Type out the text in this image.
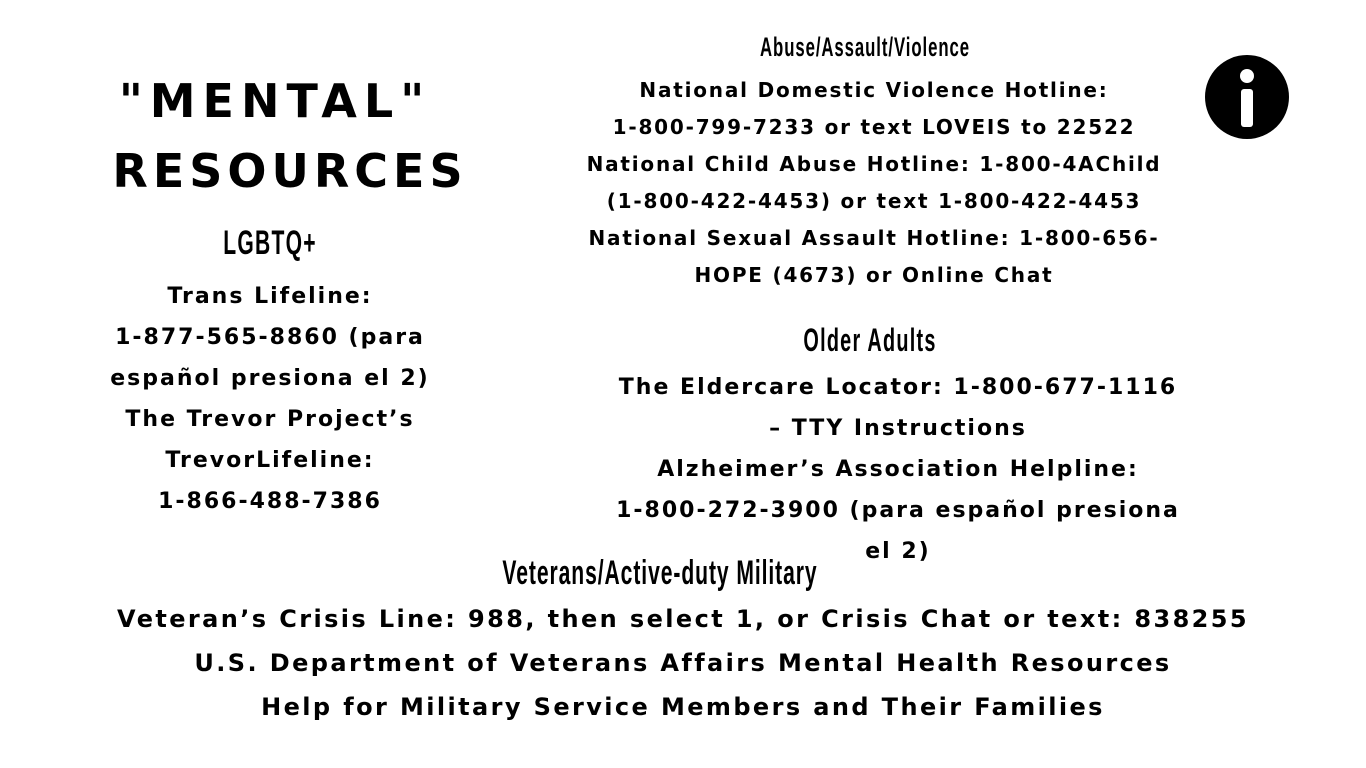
"MENTAL"
RESOURCES
LGBTQ+
Trans Lifeline:
1-877-565-8860 (para
español presiona el 2)
The Trevor Project’s
TrevorLifeline:
1-866-488-7386
Abuse/Assault/Violence
National Domestic Violence Hotline:
1-800-799-7233 or text LOVEIS to 22522
National Child Abuse Hotline: 1-800-4AChild
(1-800-422-4453) or text 1-800-422-4453
National Sexual Assault Hotline: 1-800-656-
HOPE (4673) or Online Chat
Older Adults
The Eldercare Locator: 1-800-677-1116
– TTY Instructions
Alzheimer’s Association Helpline:
1-800-272-3900 (para español presiona
el 2)
Veterans/Active-duty Military
Veteran’s Crisis Line: 988, then select 1, or Crisis Chat or text: 838255
U.S. Department of Veterans Affairs Mental Health Resources
Help for Military Service Members and Their Families
